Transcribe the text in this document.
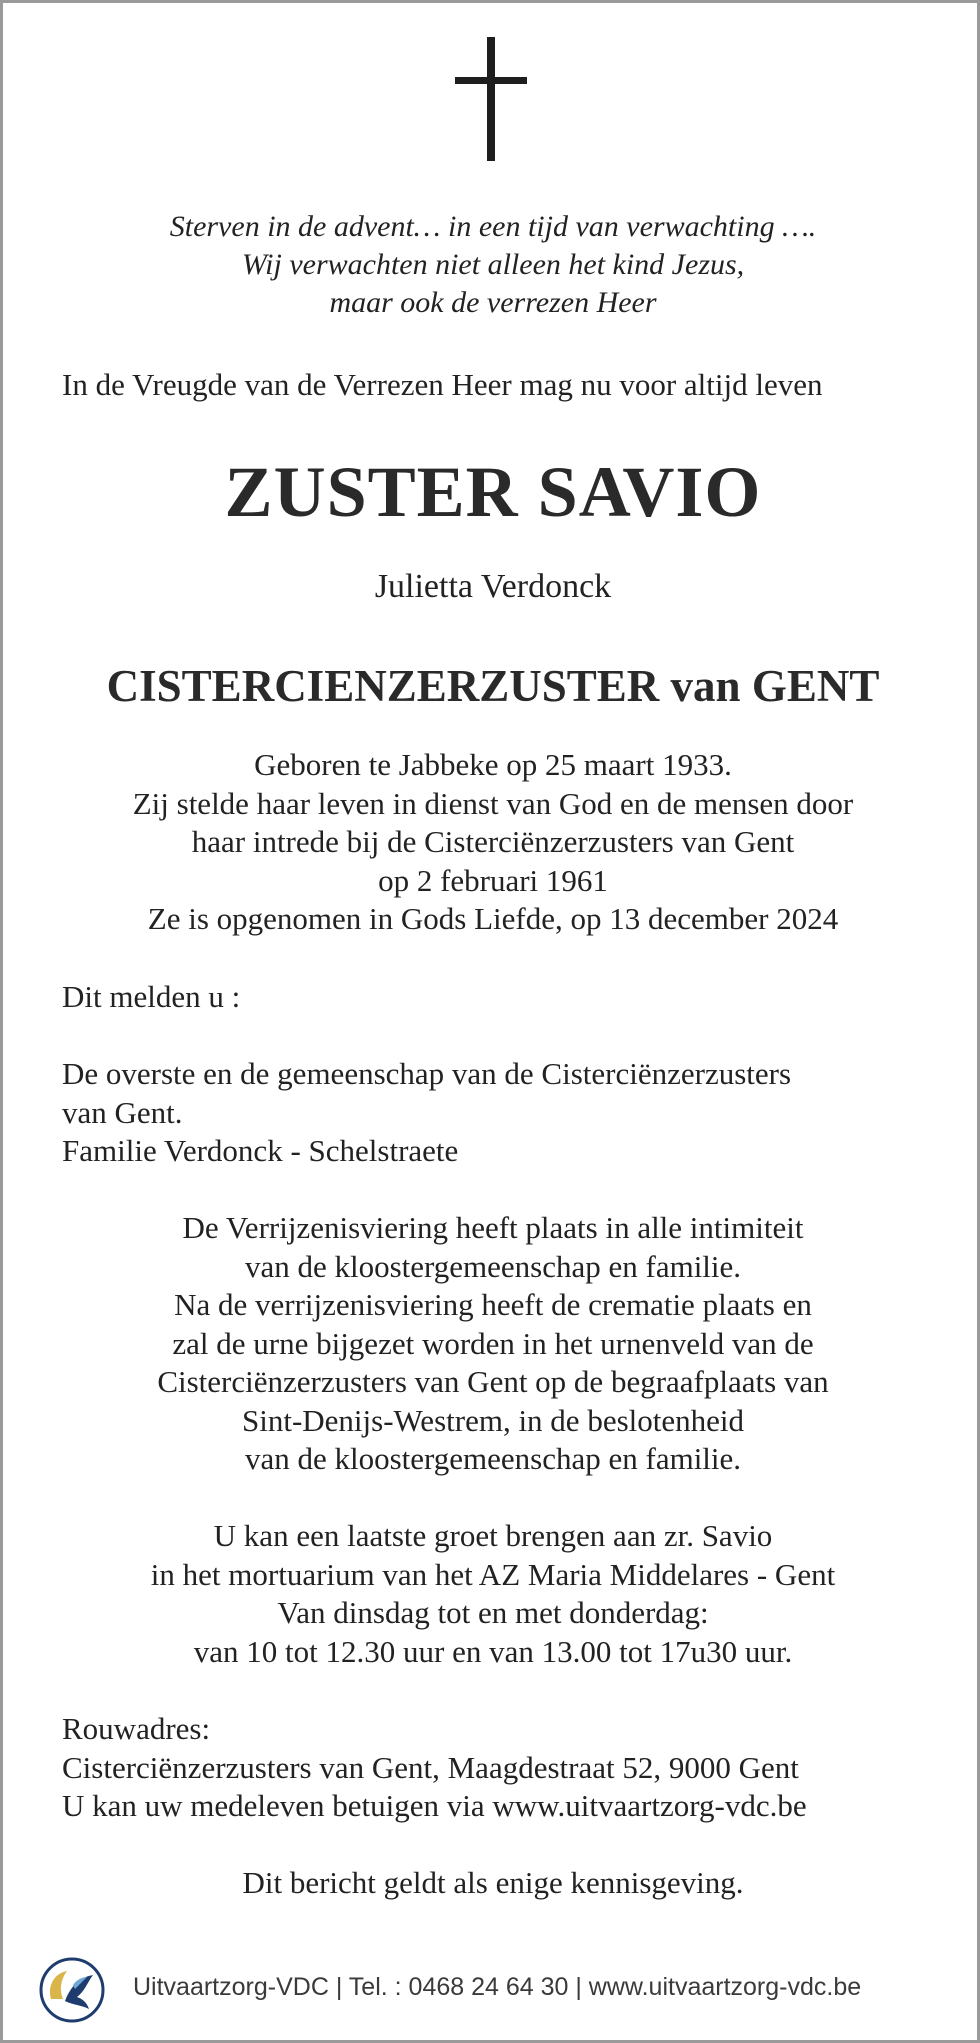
Sterven in de advent… in een tijd van verwachting ….
Wij verwachten niet alleen het kind Jezus,
maar ook de verrezen Heer
In de Vreugde van de Verrezen Heer mag nu voor altijd leven
ZUSTER SAVIO
Julietta Verdonck
CISTERCIENZERZUSTER van GENT
Geboren te Jabbeke op 25 maart 1933.
Zij stelde haar leven in dienst van God en de mensen door
haar intrede bij de Cisterciënzerzusters van Gent
op 2 februari 1961
Ze is opgenomen in Gods Liefde, op 13 december 2024
Dit melden u :
De overste en de gemeenschap van de Cisterciënzerzusters
van Gent.
Familie Verdonck - Schelstraete
De Verrijzenisviering heeft plaats in alle intimiteit
van de kloostergemeenschap en familie.
Na de verrijzenisviering heeft de crematie plaats en
zal de urne bijgezet worden in het urnenveld van de
Cisterciënzerzusters van Gent op de begraafplaats van
Sint-Denijs-Westrem, in de beslotenheid
van de kloostergemeenschap en familie.
U kan een laatste groet brengen aan zr. Savio
in het mortuarium van het AZ Maria Middelares - Gent
Van dinsdag tot en met donderdag:
van 10 tot 12.30 uur en van 13.00 tot 17u30 uur.
Rouwadres:
Cisterciënzerzusters van Gent, Maagdestraat 52, 9000 Gent
U kan uw medeleven betuigen via www.uitvaartzorg-vdc.be
Dit bericht geldt als enige kennisgeving.
Uitvaartzorg-VDC | Tel. : 0468 24 64 30 | www.uitvaartzorg-vdc.be
